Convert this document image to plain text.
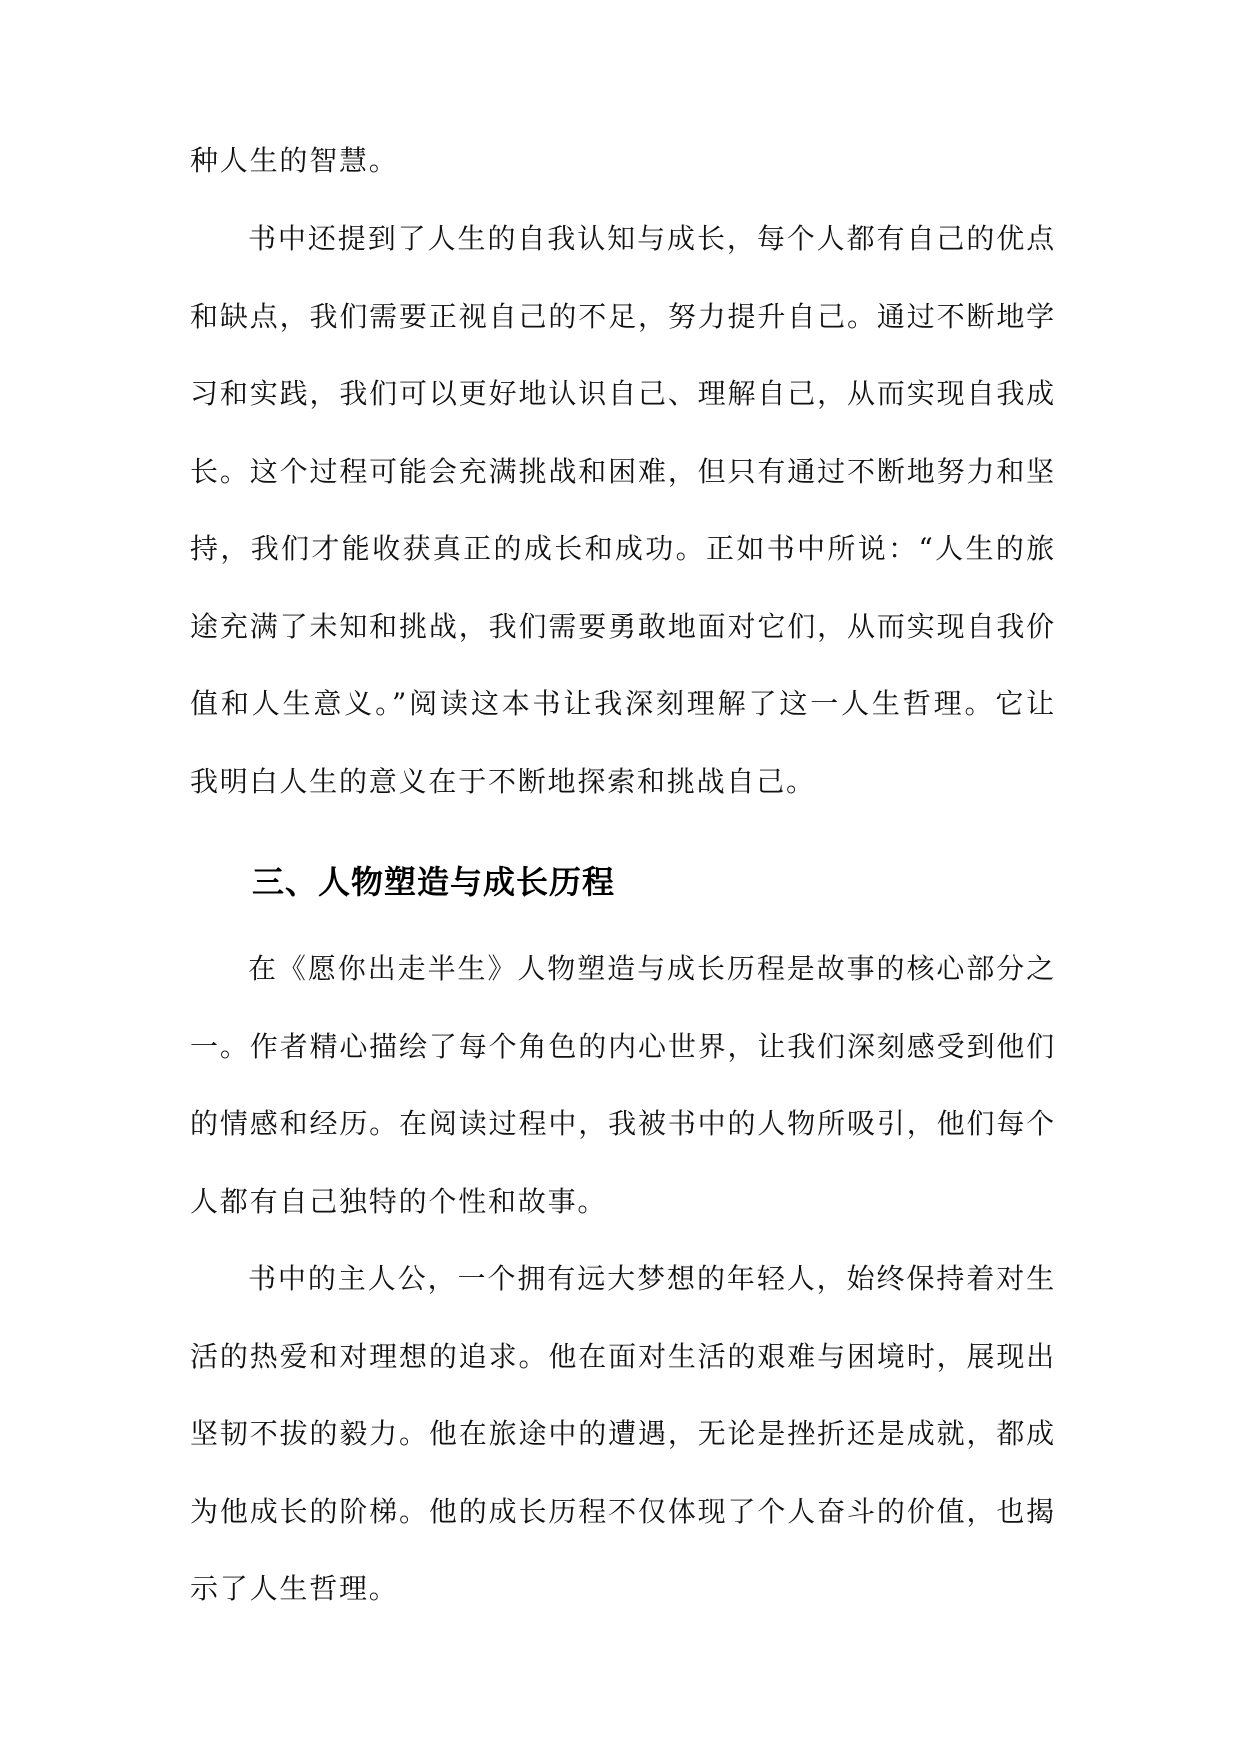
种人生的智慧。

书中还提到了人生的自我认知与成长，每个人都有自己的优点和缺点，我们需要正视自己的不足，努力提升自己。通过不断地学习和实践，我们可以更好地认识自己、理解自己，从而实现自我成长。这个过程可能会充满挑战和困难，但只有通过不断地努力和坚持，我们才能收获真正的成长和成功。正如书中所说：“人生的旅途充满了未知和挑战，我们需要勇敢地面对它们，从而实现自我价值和人生意义。”阅读这本书让我深刻理解了这一人生哲理。它让我明白人生的意义在于不断地探索和挑战自己。

三、人物塑造与成长历程

在《愿你出走半生》人物塑造与成长历程是故事的核心部分之一。作者精心描绘了每个角色的内心世界，让我们深刻感受到他们的情感和经历。在阅读过程中，我被书中的人物所吸引，他们每个人都有自己独特的个性和故事。

书中的主人公，一个拥有远大梦想的年轻人，始终保持着对生活的热爱和对理想的追求。他在面对生活的艰难与困境时，展现出坚韧不拔的毅力。他在旅途中的遭遇，无论是挫折还是成就，都成为他成长的阶梯。他的成长历程不仅体现了个人奋斗的价值，也揭示了人生哲理。
